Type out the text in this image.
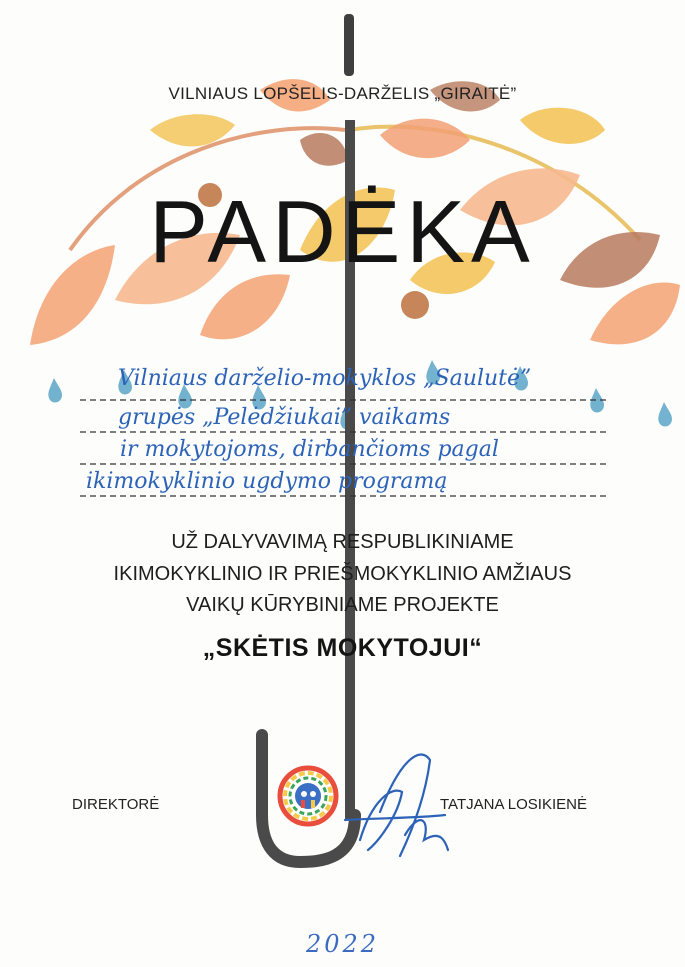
VILNIAUS LOPŠELIS-DARŽELIS „GIRAITĖ”
PADĖKA
Vilniaus darželio-mokyklos „Saulutė”
grupės „Pelėdžiukai” vaikams
ir mokytojoms, dirbančioms pagal
ikimokyklinio ugdymo programą
UŽ DALYVAVIMĄ RESPUBLIKINIAME
IKIMOKYKLINIO IR PRIEŠMOKYKLINIO AMŽIAUS
VAIKŲ KŪRYBINIAME PROJEKTE
„SKĖTIS MOKYTOJUI“
DIREKTORĖ	TATJANA LOSIKIENĖ
2022
